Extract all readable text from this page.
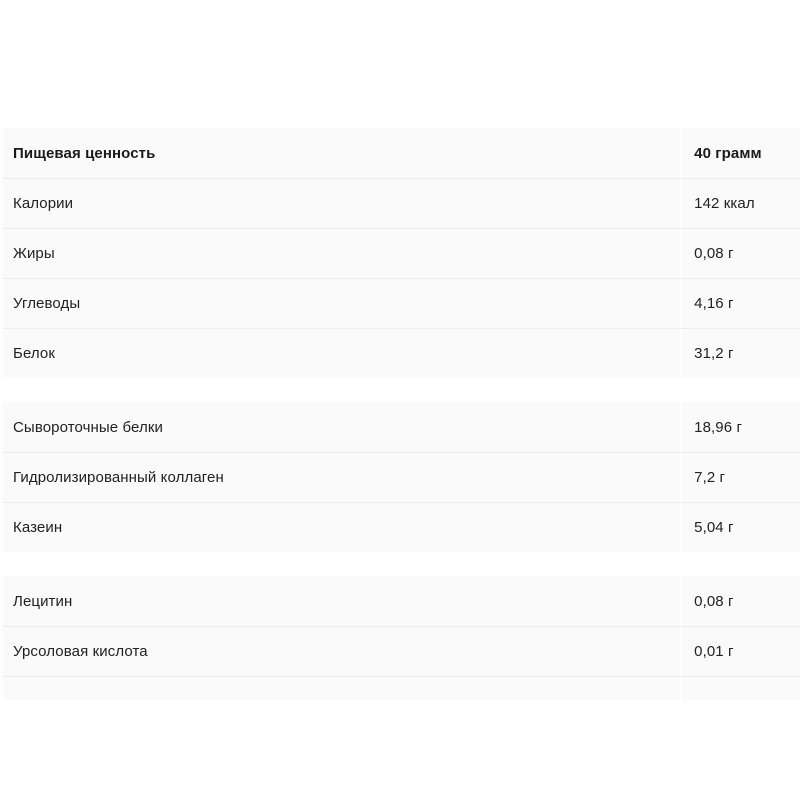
Пищевая ценность	40 грамм
Калории	142 ккал
Жиры	0,08 г
Углеводы	4,16 г
Белок	31,2 г
Сывороточные белки	18,96 г
Гидролизированный коллаген	7,2 г
Казеин	5,04 г
Лецитин	0,08 г
Урсоловая кислота	0,01 г
